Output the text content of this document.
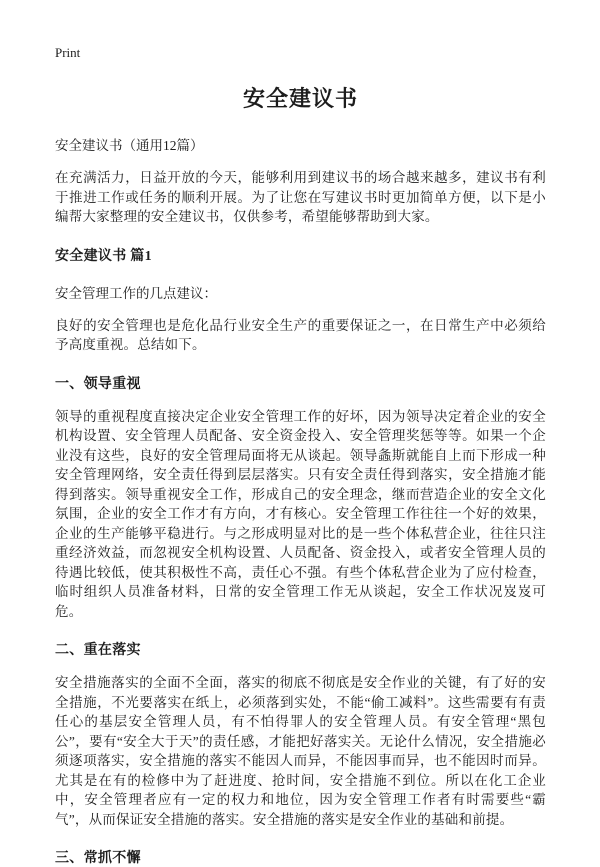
Print
安全建议书
安全建议书（通用12篇）

在充满活力，日益开放的今天，能够利用到建议书的场合越来越多，建议书有利于推进工作或任务的顺利开展。为了让您在写建议书时更加简单方便，以下是小编帮大家整理的安全建议书，仅供参考，希望能够帮助到大家。

安全建议书 篇1
安全管理工作的几点建议：

良好的安全管理也是危化品行业安全生产的重要保证之一，在日常生产中必须给予高度重视。总结如下。

一、领导重视

领导的重视程度直接决定企业安全管理工作的好坏，因为领导决定着企业的安全机构设置、安全管理人员配备、安全资金投入、安全管理奖惩等等。如果一个企业没有这些，良好的安全管理局面将无从谈起。领导螽斯就能自上而下形成一种安全管理网络，安全责任得到层层落实。只有安全责任得到落实，安全措施才能得到落实。领导重视安全工作，形成自己的安全理念，继而营造企业的安全文化氛围，企业的安全工作才有方向，才有核心。安全管理工作往往一个好的效果，企业的生产能够平稳进行。与之形成明显对比的是一些个体私营企业，往往只注重经济效益，而忽视安全机构设置、人员配备、资金投入，或者安全管理人员的待遇比较低，使其积极性不高，责任心不强。有些个体私营企业为了应付检查，临时组织人员准备材料，日常的安全管理工作无从谈起，安全工作状况岌岌可危。

二、重在落实

安全措施落实的全面不全面，落实的彻底不彻底是安全作业的关键，有了好的安全措施，不光要落实在纸上，必须落到实处，不能“偷工减料”。这些需要有有责任心的基层安全管理人员，有不怕得罪人的安全管理人员。有安全管理“黑包公”，要有“安全大于天”的责任感，才能把好落实关。无论什么情况，安全措施必须逐项落实，安全措施的落实不能因人而异，不能因事而异，也不能因时而异。尤其是在有的检修中为了赶进度、抢时间，安全措施不到位。所以在化工企业中，安全管理者应有一定的权力和地位，因为安全管理工作者有时需要些“霸气”，从而保证安全措施的落实。安全措施的落实是安全作业的基础和前提。

三、常抓不懈
